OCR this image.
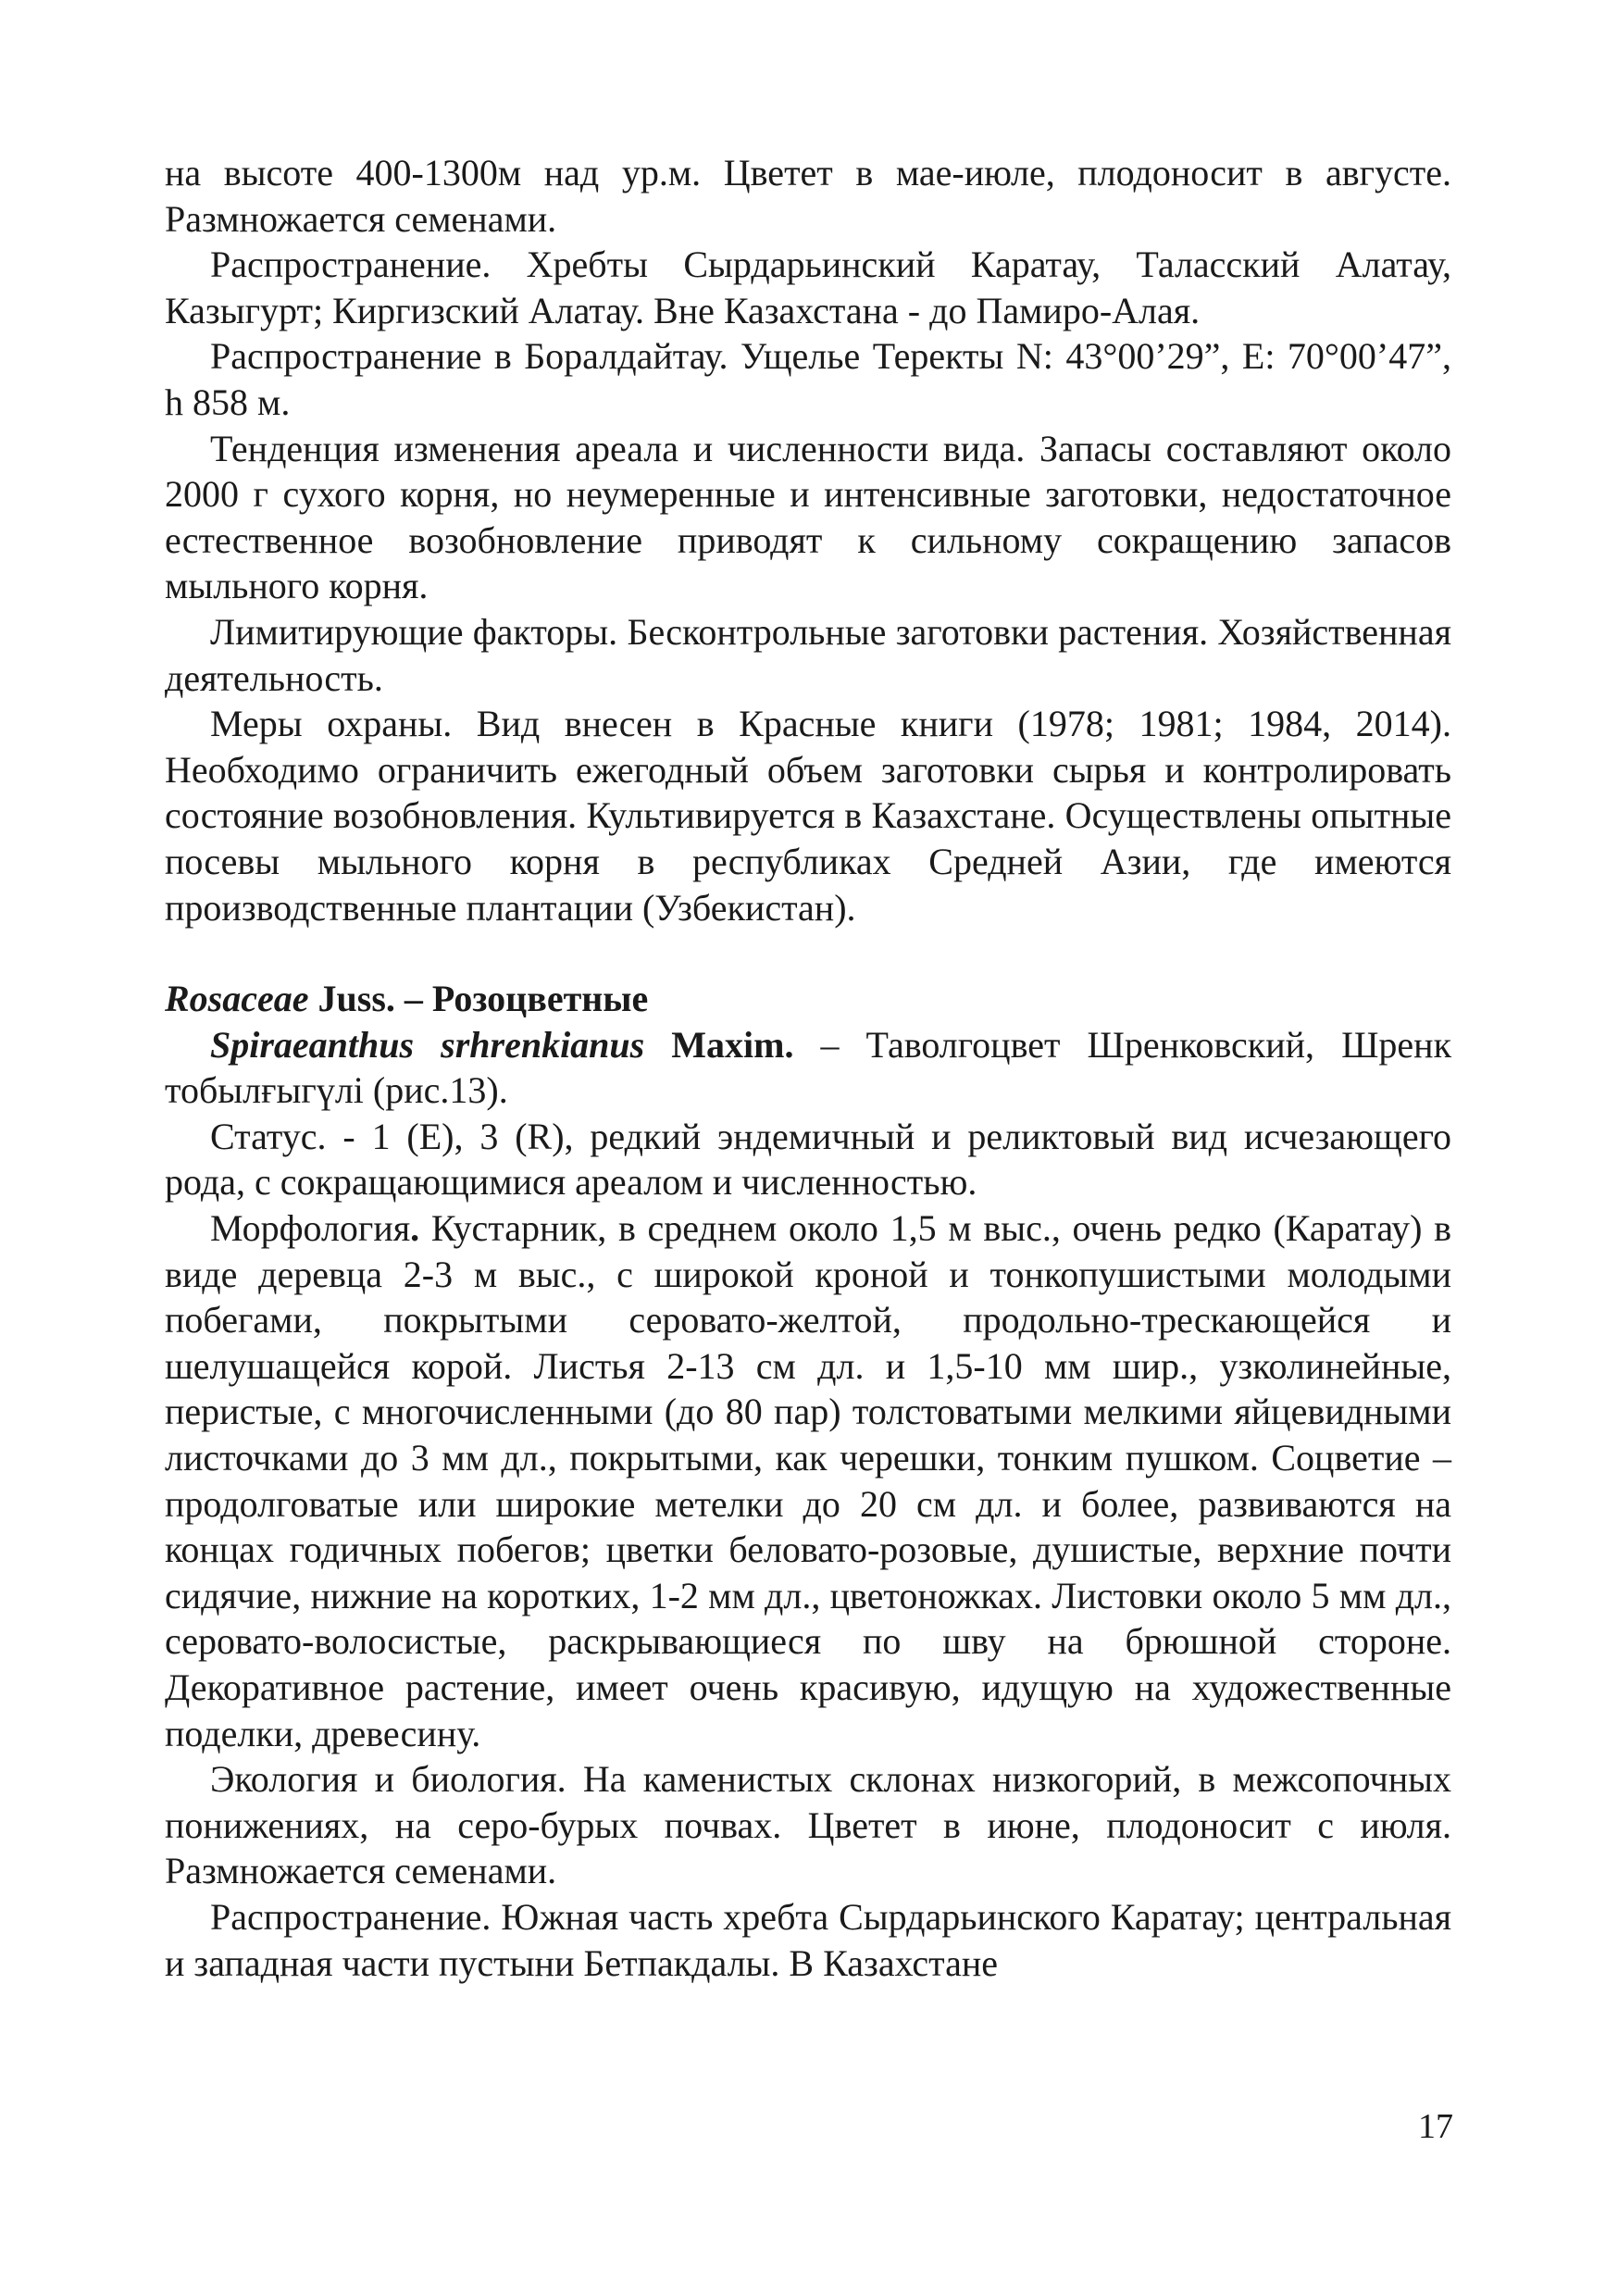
на высоте 400-1300м над ур.м. Цветет в мае-июле, плодоносит в августе. Размножается семенами.

Распространение. Хребты Сырдарьинский Каратау, Таласский Алатау, Казыгурт; Киргизский Алатау. Вне Казахстана - до Памиро-Алая.

Распространение в Боралдайтау. Ущелье Теректы N: 43°00’29”, E: 70°00’47”, h 858 м.

Тенденция изменения ареала и численности вида. Запасы составляют около 2000 г сухого корня, но неумеренные и интенсивные заготовки, недостаточное естественное возобновление приводят к сильному сокращению запасов мыльного корня.

Лимитирующие факторы. Бесконтрольные заготовки растения. Хозяйственная деятельность.

Меры охраны. Вид внесен в Красные книги (1978; 1981; 1984, 2014). Необходимо ограничить ежегодный объем заготовки сырья и контролировать состояние возобновления. Культивируется в Казахстане. Осуществлены опытные посевы мыльного корня в республиках Средней Азии, где имеются производственные плантации (Узбекистан).

Rosaceae Juss. – Розоцветные

Spiraeanthus srhrenkianus Maxim. – Таволгоцвет Шренковский, Шренк тобылғыгүлі (рис.13).

Статус. - 1 (E), 3 (R), редкий эндемичный и реликтовый вид исчезающего рода, с сокращающимися ареалом и численностью.

Морфология. Кустарник, в среднем около 1,5 м выс., очень редко (Каратау) в виде деревца 2-3 м выс., с широкой кроной и тонкопушистыми молодыми побегами, покрытыми серовато-желтой, продольно-трескающейся и шелушащейся корой. Листья 2-13 см дл. и 1,5-10 мм шир., узколинейные, перистые, с многочисленными (до 80 пар) толстоватыми мелкими яйцевидными листочками до 3 мм дл., покрытыми, как черешки, тонким пушком. Соцветие – продолговатые или широкие метелки до 20 см дл. и более, развиваются на концах годичных побегов; цветки беловато-розовые, душистые, верхние почти сидячие, нижние на коротких, 1-2 мм дл., цветоножках. Листовки около 5 мм дл., серовато-волосистые, раскрывающиеся по шву на брюшной стороне. Декоративное растение, имеет очень красивую, идущую на художественные поделки, древесину.

Экология и биология. На каменистых склонах низкогорий, в межсопочных понижениях, на серо-бурых почвах. Цветет в июне, плодоносит с июля. Размножается семенами.

Распространение. Южная часть хребта Сырдарьинского Каратау; центральная и западная части пустыни Бетпакдалы. В Казахстане

17
